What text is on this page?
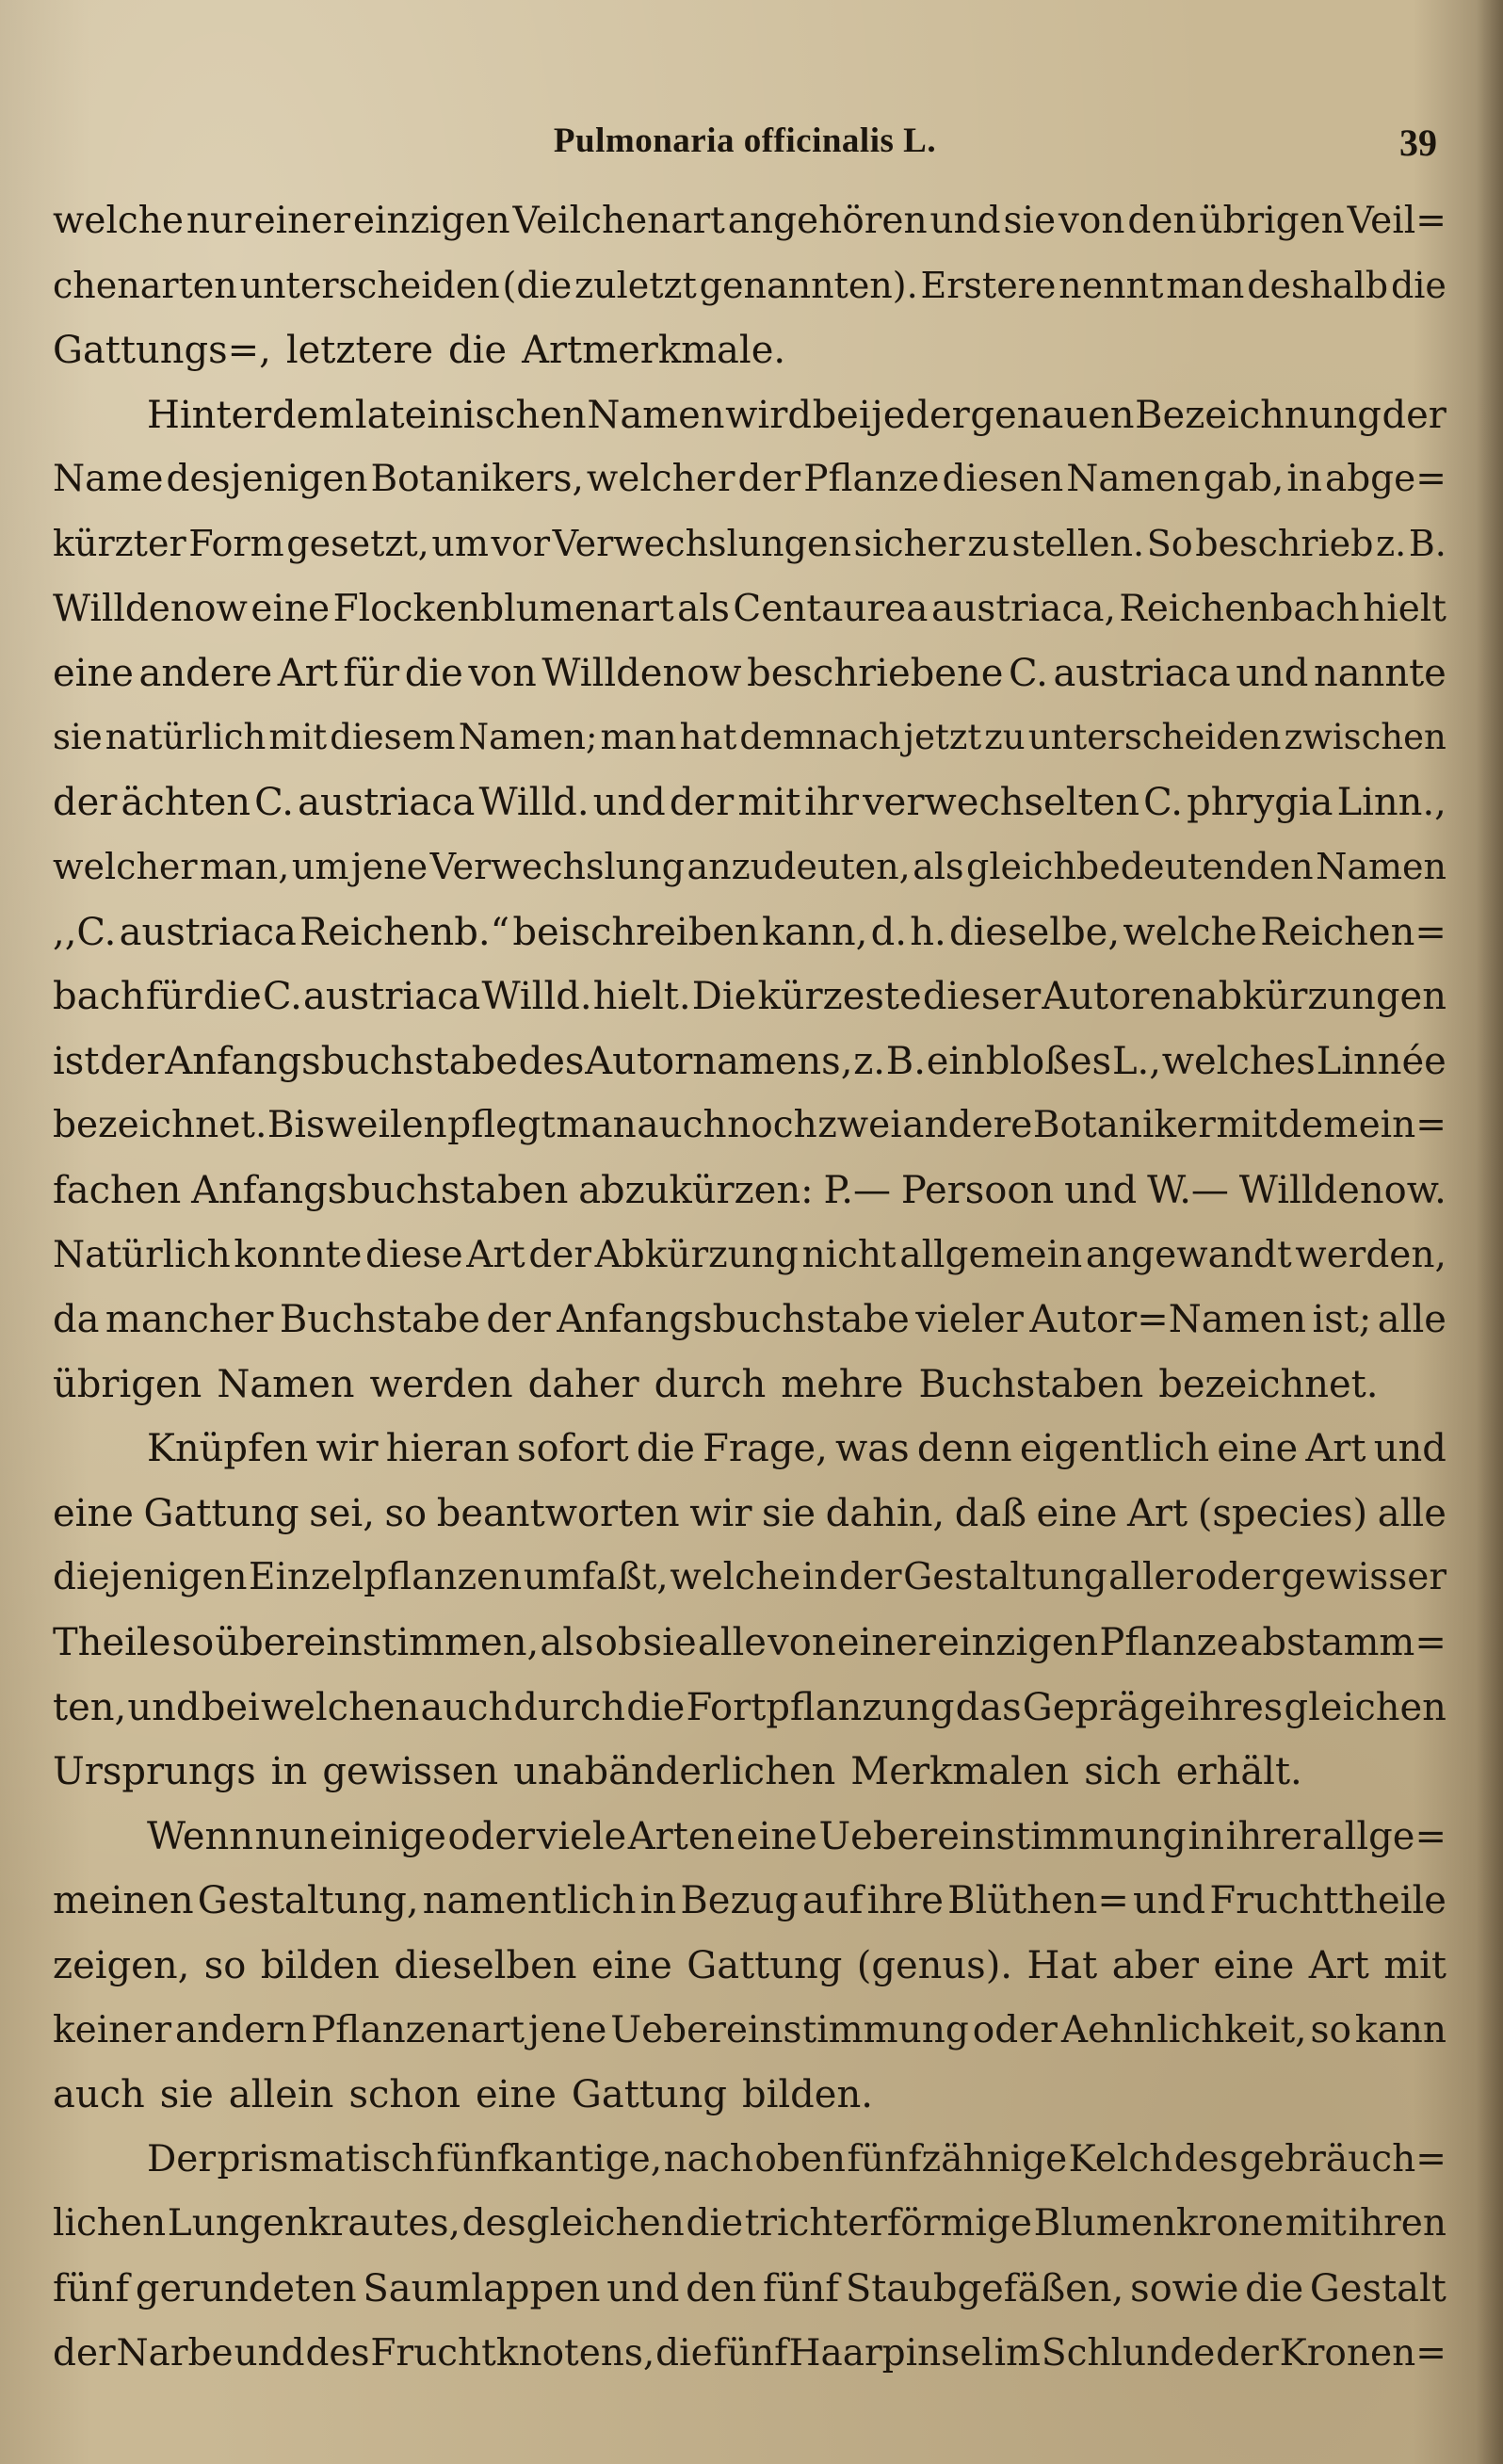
Pulmonaria officinalis L.	39
welche nur einer einzigen Veilchenart angehören und sie von den übrigen Veil=
chenarten unterscheiden (die zuletzt genannten). Erstere nennt man deshalb die
Gattungs=, letztere die Artmerkmale.
Hinter dem lateinischen Namen wird bei jeder genauen Bezeichnung der
Name desjenigen Botanikers, welcher der Pflanze diesen Namen gab, in abge=
kürzter Form gesetzt, um vor Verwechslungen sicher zu stellen. So beschrieb z. B.
Willdenow eine Flockenblumenart als Centaurea austriaca, Reichenbach hielt
eine andere Art für die von Willdenow beschriebene C. austriaca und nannte
sie natürlich mit diesem Namen; man hat demnach jetzt zu unterscheiden zwischen
der ächten C. austriaca Willd. und der mit ihr verwechselten C. phrygia Linn.,
welcher man, um jene Verwechslung anzudeuten, als gleichbedeutenden Namen
,,C. austriaca Reichenb.“ beischreiben kann, d. h. dieselbe, welche Reichen=
bach für die C. austriaca Willd. hielt. Die kürzeste dieser Autorenabkürzungen
ist der Anfangsbuchstabe des Autornamens, z. B. ein bloßes L., welches Linnée
bezeichnet. Bisweilen pflegt man auch noch zwei andere Botaniker mit dem ein=
fachen Anfangsbuchstaben abzukürzen: P.— Persoon und W.— Willdenow.
Natürlich konnte diese Art der Abkürzung nicht allgemein angewandt werden,
da mancher Buchstabe der Anfangsbuchstabe vieler Autor=Namen ist; alle
übrigen Namen werden daher durch mehre Buchstaben bezeichnet.
Knüpfen wir hieran sofort die Frage, was denn eigentlich eine Art und
eine Gattung sei, so beantworten wir sie dahin, daß eine Art (species) alle
diejenigen Einzelpflanzen umfaßt, welche in der Gestaltung aller oder gewisser
Theile so übereinstimmen, als ob sie alle von einer einzigen Pflanze abstamm=
ten, und bei welchen auch durch die Fortpflanzung das Gepräge ihres gleichen
Ursprungs in gewissen unabänderlichen Merkmalen sich erhält.
Wenn nun einige oder viele Arten eine Uebereinstimmung in ihrer allge=
meinen Gestaltung, namentlich in Bezug auf ihre Blüthen= und Fruchttheile
zeigen, so bilden dieselben eine Gattung (genus). Hat aber eine Art mit
keiner andern Pflanzenart jene Uebereinstimmung oder Aehnlichkeit, so kann
auch sie allein schon eine Gattung bilden.
Der prismatisch fünfkantige, nach oben fünfzähnige Kelch des gebräuch=
lichen Lungenkrautes, desgleichen die trichterförmige Blumenkrone mit ihren
fünf gerundeten Saumlappen und den fünf Staubgefäßen, sowie die Gestalt
der Narbe und des Fruchtknotens, die fünf Haarpinsel im Schlunde der Kronen=
